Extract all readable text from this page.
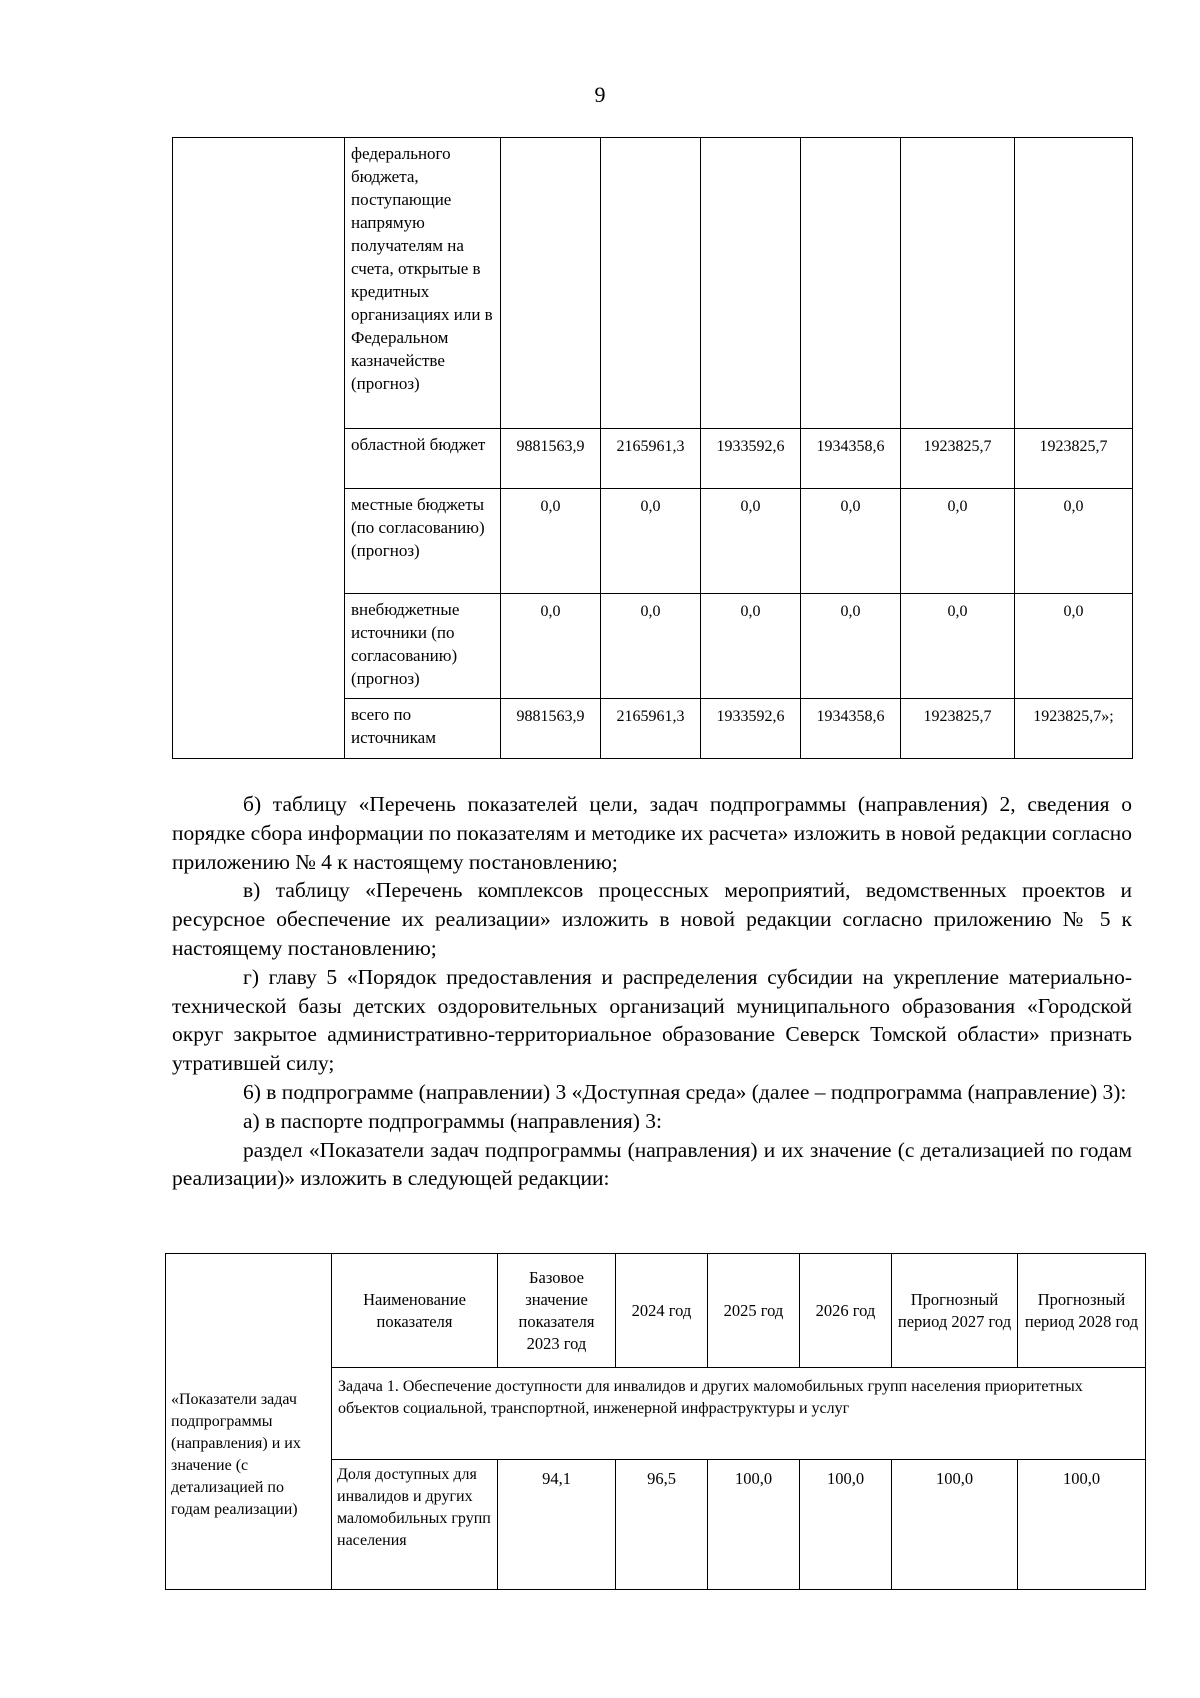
9
	федерального бюджета, поступающие напрямую получателям на счета, открытые в кредитных организациях или в Федеральном казначействе (прогноз)						
	областной бюджет	9881563,9	2165961,3	1933592,6	1934358,6	1923825,7	1923825,7
	местные бюджеты (по согласованию) (прогноз)	0,0	0,0	0,0	0,0	0,0	0,0
	внебюджетные источники (по согласованию) (прогноз)	0,0	0,0	0,0	0,0	0,0	0,0
	всего по источникам	9881563,9	2165961,3	1933592,6	1934358,6	1923825,7	1923825,7»;

б) таблицу «Перечень показателей цели, задач подпрограммы (направления) 2, сведения о порядке сбора информации по показателям и методике их расчета» изложить в новой редакции согласно приложению № 4 к настоящему постановлению;

в) таблицу «Перечень комплексов процессных мероприятий, ведомственных проектов и ресурсное обеспечение их реализации» изложить в новой редакции согласно приложению № 5 к настоящему постановлению;

г) главу 5 «Порядок предоставления и распределения субсидии на укрепление материально-технической базы детских оздоровительных организаций муниципального образования «Городской округ закрытое административно-территориальное образование Северск Томской области» признать утратившей силу;

6) в подпрограмме (направлении) 3 «Доступная среда» (далее – подпрограмма (направление) 3):

а) в паспорте подпрограммы (направления) 3:

раздел «Показатели задач подпрограммы (направления) и их значение (с детализацией по годам реализации)» изложить в следующей редакции:

«Показатели задач подпрограммы (направления) и их значение (с детализацией по годам реализации)	Наименование показателя	Базовое значение показателя 2023 год	2024 год	2025 год	2026 год	Прогнозный период 2027 год	Прогнозный период 2028 год
	Задача 1. Обеспечение доступности для инвалидов и других маломобильных групп населения приоритетных объектов социальной, транспортной, инженерной инфраструктуры и услуг						
	Доля доступных для инвалидов и других маломобильных групп населения	94,1	96,5	100,0	100,0	100,0	100,0
